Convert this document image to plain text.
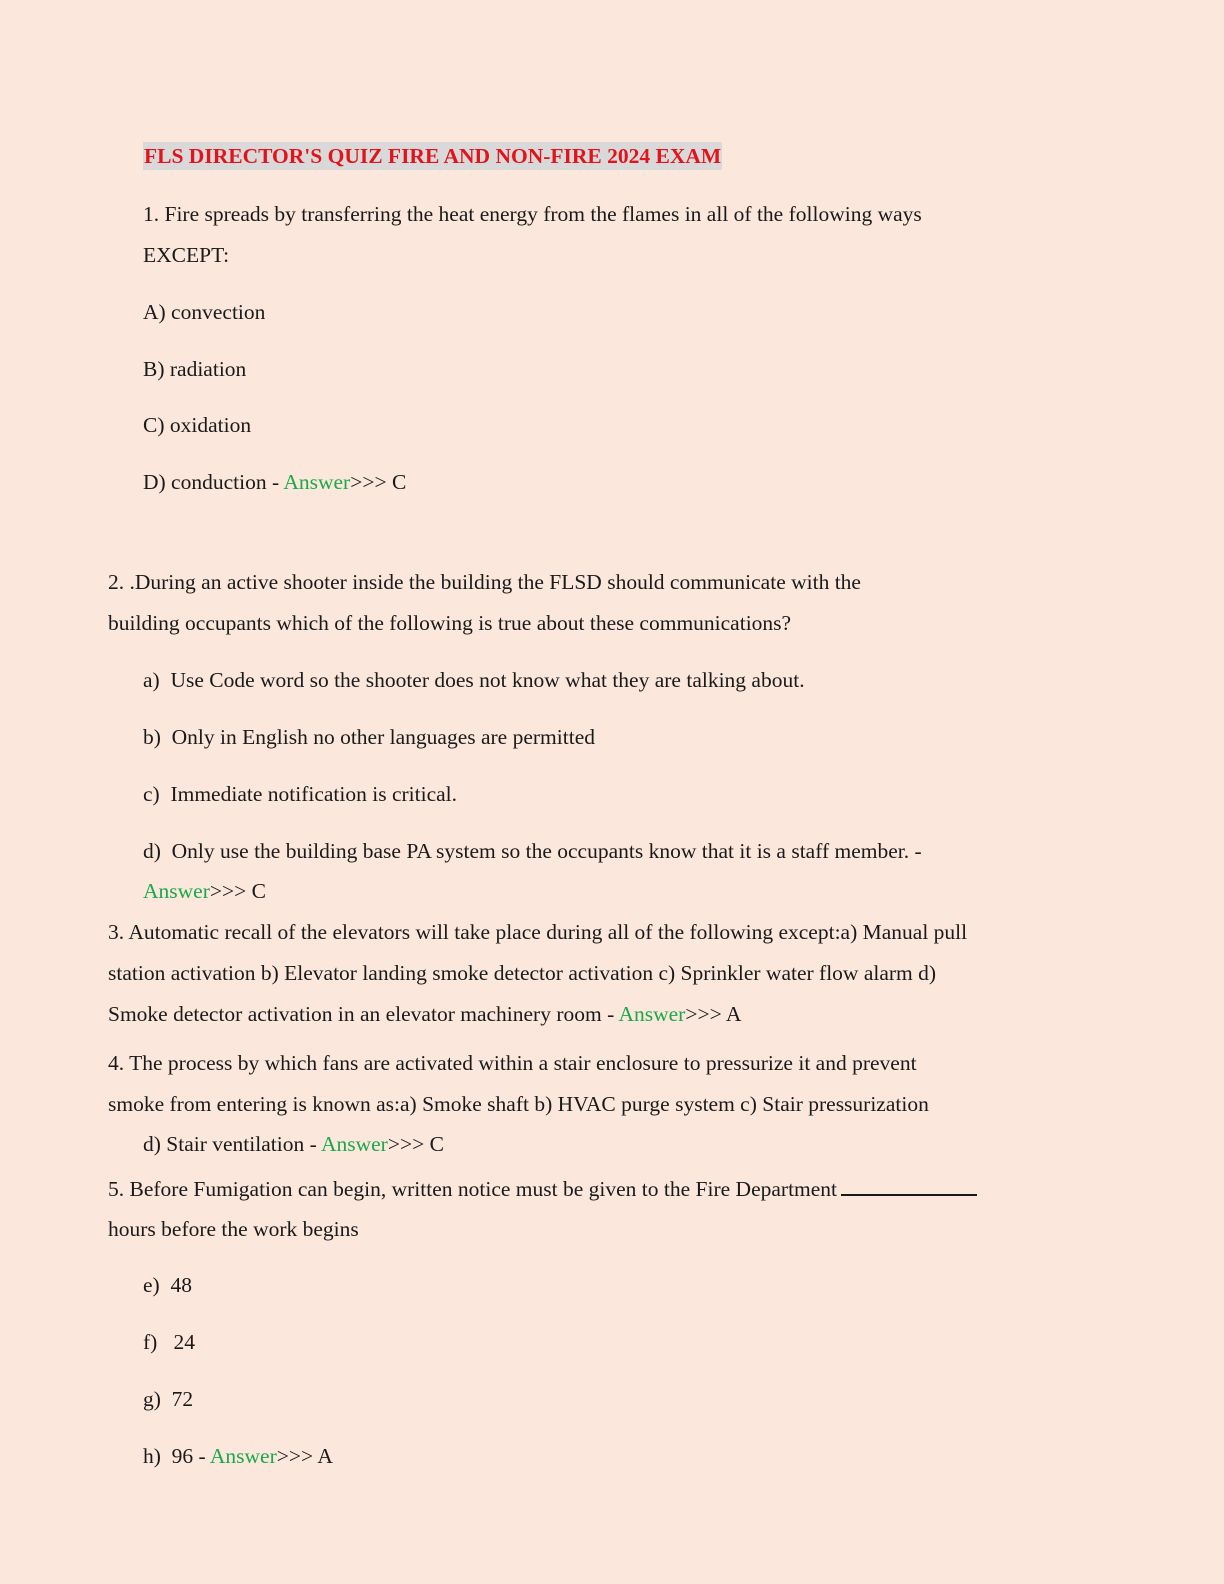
FLS DIRECTOR'S QUIZ FIRE AND NON-FIRE 2024 EXAM
1. Fire spreads by transferring the heat energy from the flames in all of the following ways
EXCEPT:
A) convection
B) radiation
C) oxidation
D) conduction - Answer>>> C
2. .During an active shooter inside the building the FLSD should communicate with the
building occupants which of the following is true about these communications?
a)  Use Code word so the shooter does not know what they are talking about.
b)  Only in English no other languages are permitted
c)  Immediate notification is critical.
d)  Only use the building base PA system so the occupants know that it is a staff member. -
Answer>>> C
3. Automatic recall of the elevators will take place during all of the following except:a) Manual pull
station activation b) Elevator landing smoke detector activation c) Sprinkler water flow alarm d)
Smoke detector activation in an elevator machinery room - Answer>>> A
4. The process by which fans are activated within a stair enclosure to pressurize it and prevent
smoke from entering is known as:a) Smoke shaft b) HVAC purge system c) Stair pressurization
d) Stair ventilation - Answer>>> C
5. Before Fumigation can begin, written notice must be given to the Fire Department
hours before the work begins
e)  48
f)   24
g)  72
h)  96 - Answer>>> A
